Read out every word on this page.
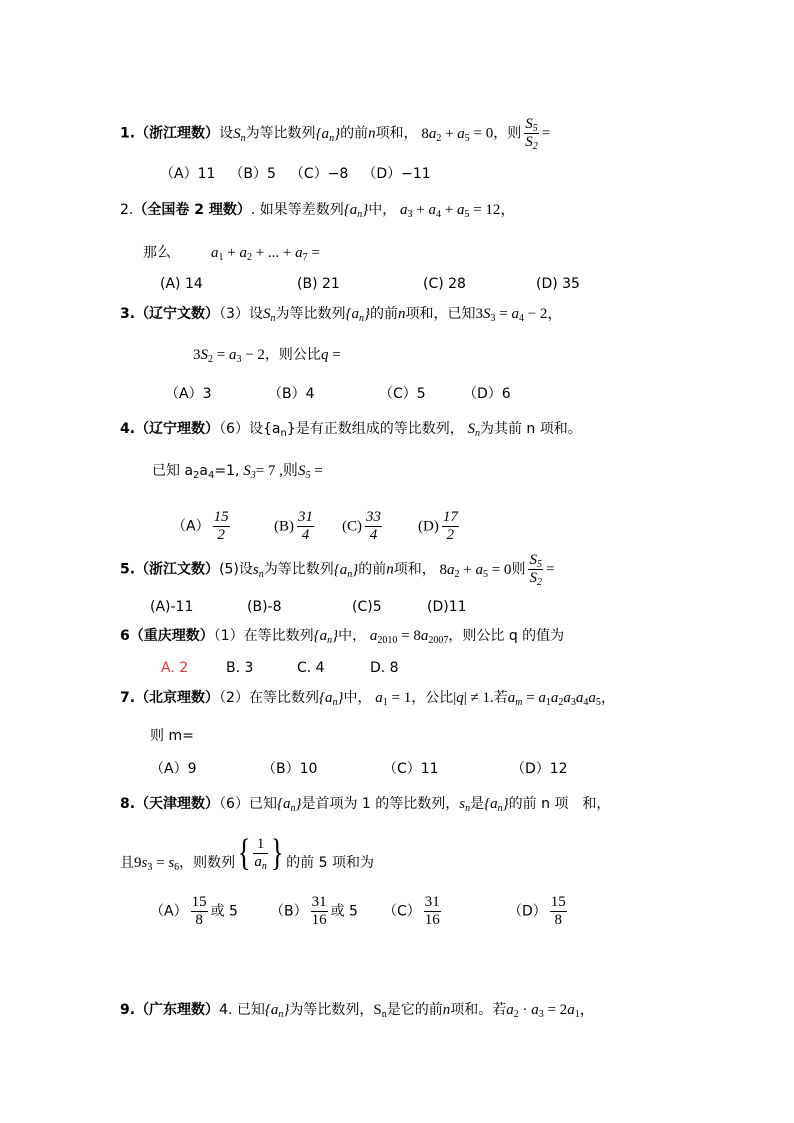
1.（浙江理数）设$S_n$为等比数列$\{a_n\}$的前n项和， $8a_2 + a_5 = 0$，则 $\frac{S_5}{S_2}$ =
（A）11 （B）5 （C）−8 （D）−11
2.（全国卷 2 理数）. 如果等差数列$\{a_n\}$中， $a_3 + a_4 + a_5 = 12$，
那么	$a_1 + a_2$ + ... + $a_7$ =
(A) 14	(B) 21	(C) 28	(D) 35
3.（辽宁文数）（3）设$S_n$为等比数列$\{a_n\}$的前n项和，已知$3S_3 = a_4 - 2$，
$3S_2 = a_3 - 2$，则公比q =
（A）3	（B）4	（C）5	（D）6
4.（辽宁理数）（6）设$\{a_n\}$是有正数组成的等比数列， $S_n$为其前 n 项和。
已知 $a_2a_4=1$, $S_3= 7$ ,则$S_5$ =
$(A) \frac{15}{2}$	$(B) \frac{31}{4} (C) \frac{33}{4} (D) \frac{17}{2}$
5.（浙江文数）(5)设$s_n$为等比数列$\{a_n\}$的前n项和， $8a_2 + a_5 = 0$则 $\frac{S_5}{S_2}$ =
(A)-11	(B)-8	(C)5	(D)11
6（重庆理数）（1）在等比数列$\{a_n\}$中， $a_{2010} = 8a_{2007}$，则公比 q 的值为
A. 2	B. 3	C. 4	D. 8
7.（北京理数）（2）在等比数列$\{a_n\}$中， $a_1 = 1$，公比|q| ≠ 1.若$a_m = a_1a_2a_3a_4a_5$，
则 m=
（A）9	（B）10	（C）11	（D）12
8.（天津理数）（6）已知$\{a_n\}$是首项为 1 的等比数列，$s_n$是$\{a_n\}$的前 n 项　和，
且$9s_3 = s_6$，则数列{ $\frac{1}{a_n}$ } 的前 5 项和为
$(A) \frac{15}{8}$ 或 5 $(B) \frac{31}{16}$ 或 5 $(C) \frac{31}{16}$	$(D) \frac{15}{8}$
9.（广东理数）4. 已知$\{a_n\}$为等比数列，$S_n$是它的前n项和。若$a_2 \cdot a_3 = 2a_1$，
